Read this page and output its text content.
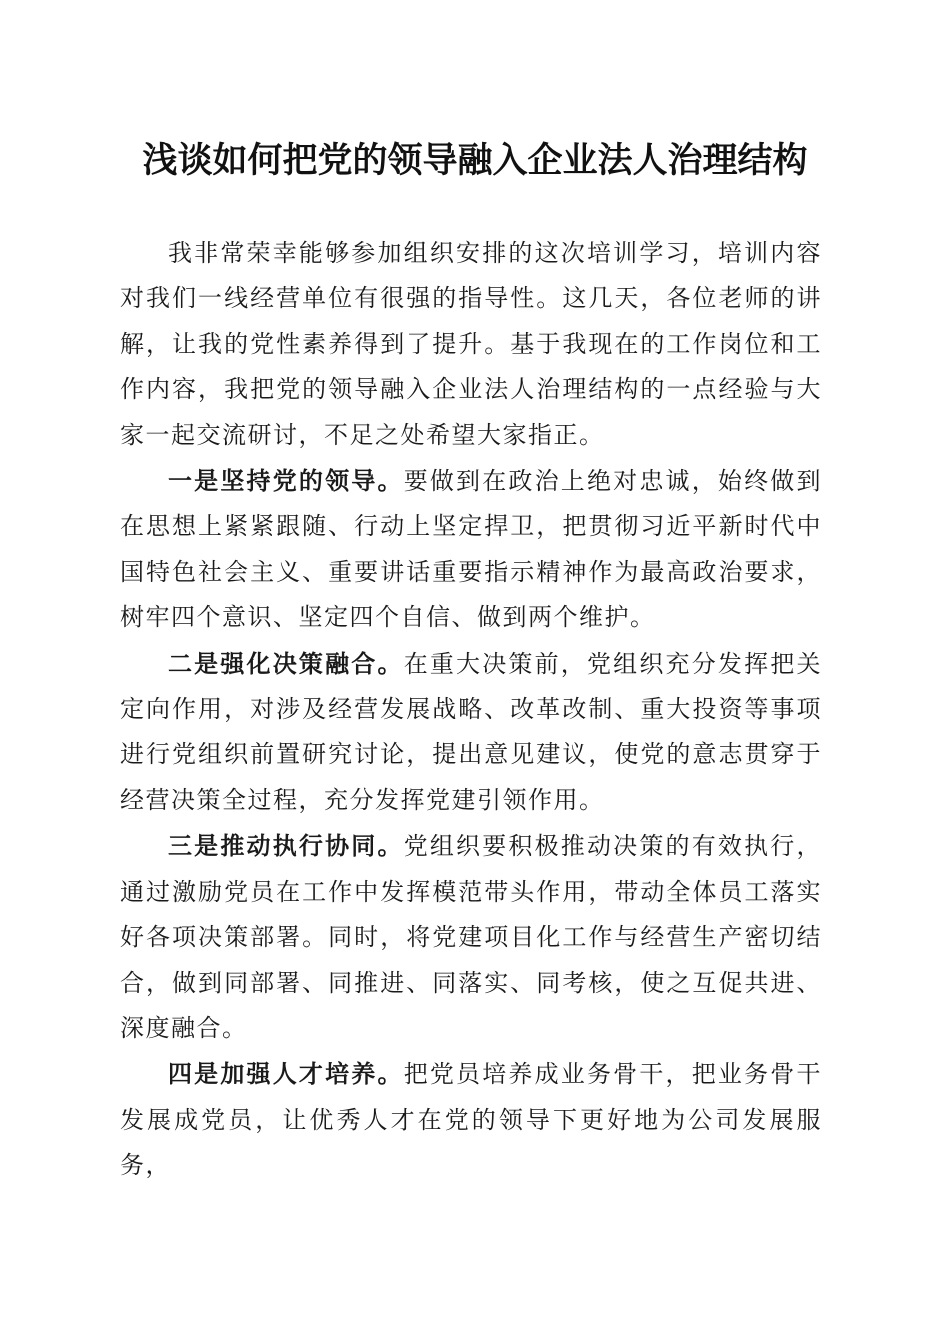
浅谈如何把党的领导融入企业法人治理结构

我非常荣幸能够参加组织安排的这次培训学习，培训内容对我们一线经营单位有很强的指导性。这几天，各位老师的讲解，让我的党性素养得到了提升。基于我现在的工作岗位和工作内容，我把党的领导融入企业法人治理结构的一点经验与大家一起交流研讨，不足之处希望大家指正。

一是坚持党的领导。要做到在政治上绝对忠诚，始终做到在思想上紧紧跟随、行动上坚定捍卫，把贯彻习近平新时代中国特色社会主义、重要讲话重要指示精神作为最高政治要求，树牢四个意识、坚定四个自信、做到两个维护。

二是强化决策融合。在重大决策前，党组织充分发挥把关定向作用，对涉及经营发展战略、改革改制、重大投资等事项进行党组织前置研究讨论，提出意见建议，使党的意志贯穿于经营决策全过程，充分发挥党建引领作用。

三是推动执行协同。党组织要积极推动决策的有效执行，通过激励党员在工作中发挥模范带头作用，带动全体员工落实好各项决策部署。同时，将党建项目化工作与经营生产密切结合，做到同部署、同推进、同落实、同考核，使之互促共进、深度融合。

四是加强人才培养。把党员培养成业务骨干，把业务骨干发展成党员，让优秀人才在党的领导下更好地为公司发展服务，
